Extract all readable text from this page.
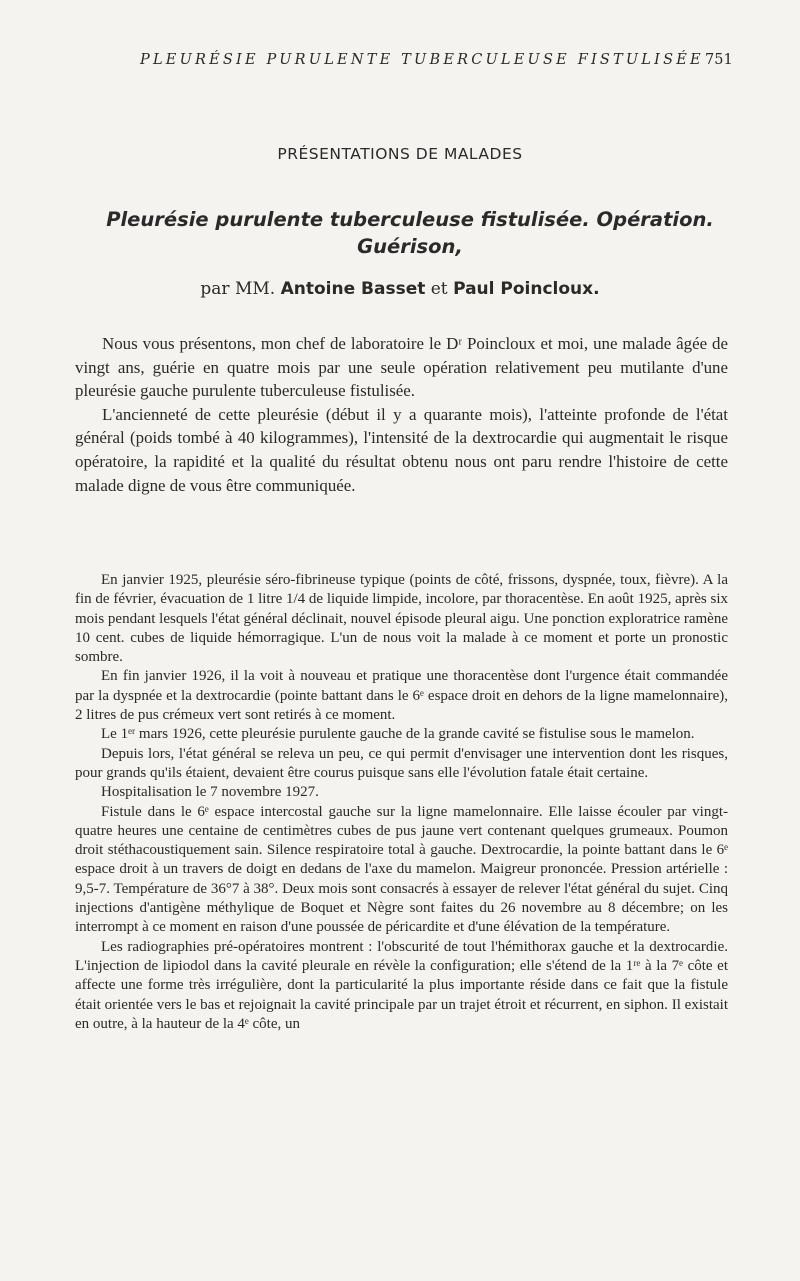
PLEURÉSIE PURULENTE TUBERCULEUSE FISTULISÉE 751
PRÉSENTATIONS DE MALADES
Pleurésie purulente tuberculeuse fistulisée. Opération.
Guérison,
par MM. Antoine Basset et Paul Poincloux.

Nous vous présentons, mon chef de laboratoire le Dʳ Poincloux et moi, une malade âgée de vingt ans, guérie en quatre mois par une seule opération relativement peu mutilante d'une pleurésie gauche purulente tuberculeuse fistulisée.

L'ancienneté de cette pleurésie (début il y a quarante mois), l'atteinte profonde de l'état général (poids tombé à 40 kilogrammes), l'intensité de la dextrocardie qui augmentait le risque opératoire, la rapidité et la qualité du résultat obtenu nous ont paru rendre l'histoire de cette malade digne de vous être communiquée.

En janvier 1925, pleurésie séro-fibrineuse typique (points de côté, frissons, dyspnée, toux, fièvre). A la fin de février, évacuation de 1 litre 1/4 de liquide limpide, incolore, par thoracentèse. En août 1925, après six mois pendant lesquels l'état général déclinait, nouvel épisode pleural aigu. Une ponction exploratrice ramène 10 cent. cubes de liquide hémorragique. L'un de nous voit la malade à ce moment et porte un pronostic sombre.

En fin janvier 1926, il la voit à nouveau et pratique une thoracentèse dont l'urgence était commandée par la dyspnée et la dextrocardie (pointe battant dans le 6ᵉ espace droit en dehors de la ligne mamelonnaire), 2 litres de pus crémeux vert sont retirés à ce moment.

Le 1ᵉʳ mars 1926, cette pleurésie purulente gauche de la grande cavité se fistulise sous le mamelon.

Depuis lors, l'état général se releva un peu, ce qui permit d'envisager une intervention dont les risques, pour grands qu'ils étaient, devaient être courus puisque sans elle l'évolution fatale était certaine.

Hospitalisation le 7 novembre 1927.

Fistule dans le 6ᵉ espace intercostal gauche sur la ligne mamelonnaire. Elle laisse écouler par vingt-quatre heures une centaine de centimètres cubes de pus jaune vert contenant quelques grumeaux. Poumon droit stéthacoustiquement sain. Silence respiratoire total à gauche. Dextrocardie, la pointe battant dans le 6ᵉ espace droit à un travers de doigt en dedans de l'axe du mamelon. Maigreur prononcée. Pression artérielle : 9,5-7. Température de 36°7 à 38°. Deux mois sont consacrés à essayer de relever l'état général du sujet. Cinq injections d'antigène méthylique de Boquet et Nègre sont faites du 26 novembre au 8 décembre; on les interrompt à ce moment en raison d'une poussée de péricardite et d'une élévation de la température.

Les radiographies pré-opératoires montrent : l'obscurité de tout l'hémithorax gauche et la dextrocardie. L'injection de lipiodol dans la cavité pleurale en révèle la configuration; elle s'étend de la 1ʳᵉ à la 7ᵉ côte et affecte une forme très irrégulière, dont la particularité la plus importante réside dans ce fait que la fistule était orientée vers le bas et rejoignait la cavité principale par un trajet étroit et récurrent, en siphon. Il existait en outre, à la hauteur de la 4ᵉ côte, un
